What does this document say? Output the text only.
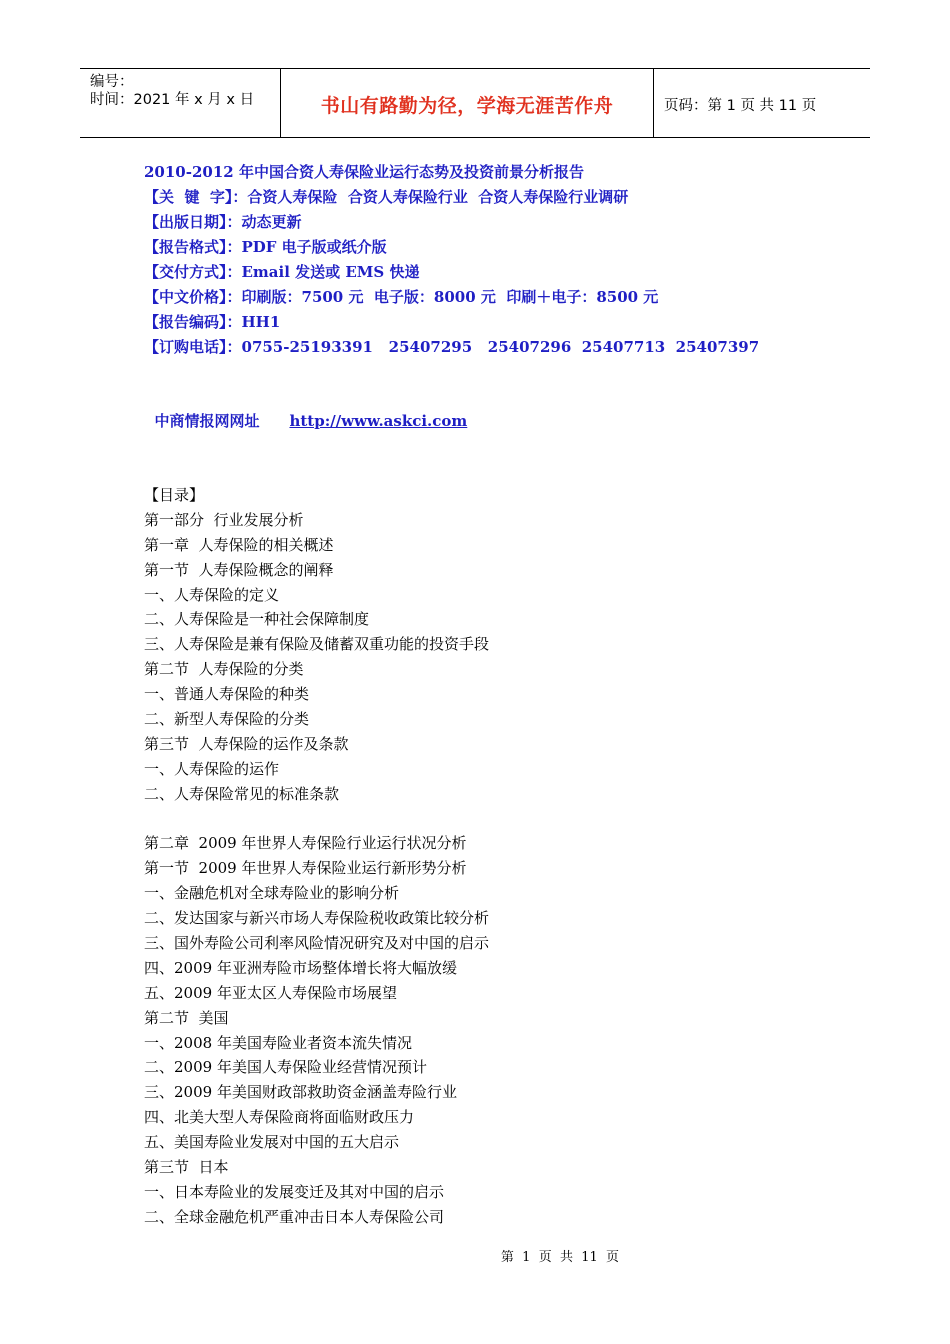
编号：
时间：2021 年 x 月 x 日	书山有路勤为径，学海无涯苦作舟	页码：第 1 页 共 11 页
2010-2012 年中国合资人寿保险业运行态势及投资前景分析报告
【关  键  字】：合资人寿保险  合资人寿保险行业  合资人寿保险行业调研
【出版日期】：动态更新
【报告格式】：PDF 电子版或纸介版
【交付方式】：Email 发送或 EMS 快递
【中文价格】：印刷版：7500 元  电子版：8000 元  印刷＋电子：8500 元
【报告编码】：HH1
【订购电话】：0755-25193391   25407295   25407296  25407713  25407397

中商情报网网址 http://www.askci.com

【目录】
第一部分  行业发展分析
第一章  人寿保险的相关概述
第一节  人寿保险概念的阐释
一、人寿保险的定义
二、人寿保险是一种社会保障制度
三、人寿保险是兼有保险及储蓄双重功能的投资手段
第二节  人寿保险的分类
一、普通人寿保险的种类
二、新型人寿保险的分类
第三节  人寿保险的运作及条款
一、人寿保险的运作
二、人寿保险常见的标准条款
第二章  2009 年世界人寿保险行业运行状况分析
第一节  2009 年世界人寿保险业运行新形势分析
一、金融危机对全球寿险业的影响分析
二、发达国家与新兴市场人寿保险税收政策比较分析
三、国外寿险公司利率风险情况研究及对中国的启示
四、2009 年亚洲寿险市场整体增长将大幅放缓
五、2009 年亚太区人寿保险市场展望
第二节  美国
一、2008 年美国寿险业者资本流失情况
二、2009 年美国人寿保险业经营情况预计
三、2009 年美国财政部救助资金涵盖寿险行业
四、北美大型人寿保险商将面临财政压力
五、美国寿险业发展对中国的五大启示
第三节  日本
一、日本寿险业的发展变迁及其对中国的启示
二、全球金融危机严重冲击日本人寿保险公司
第  1  页  共  11  页
